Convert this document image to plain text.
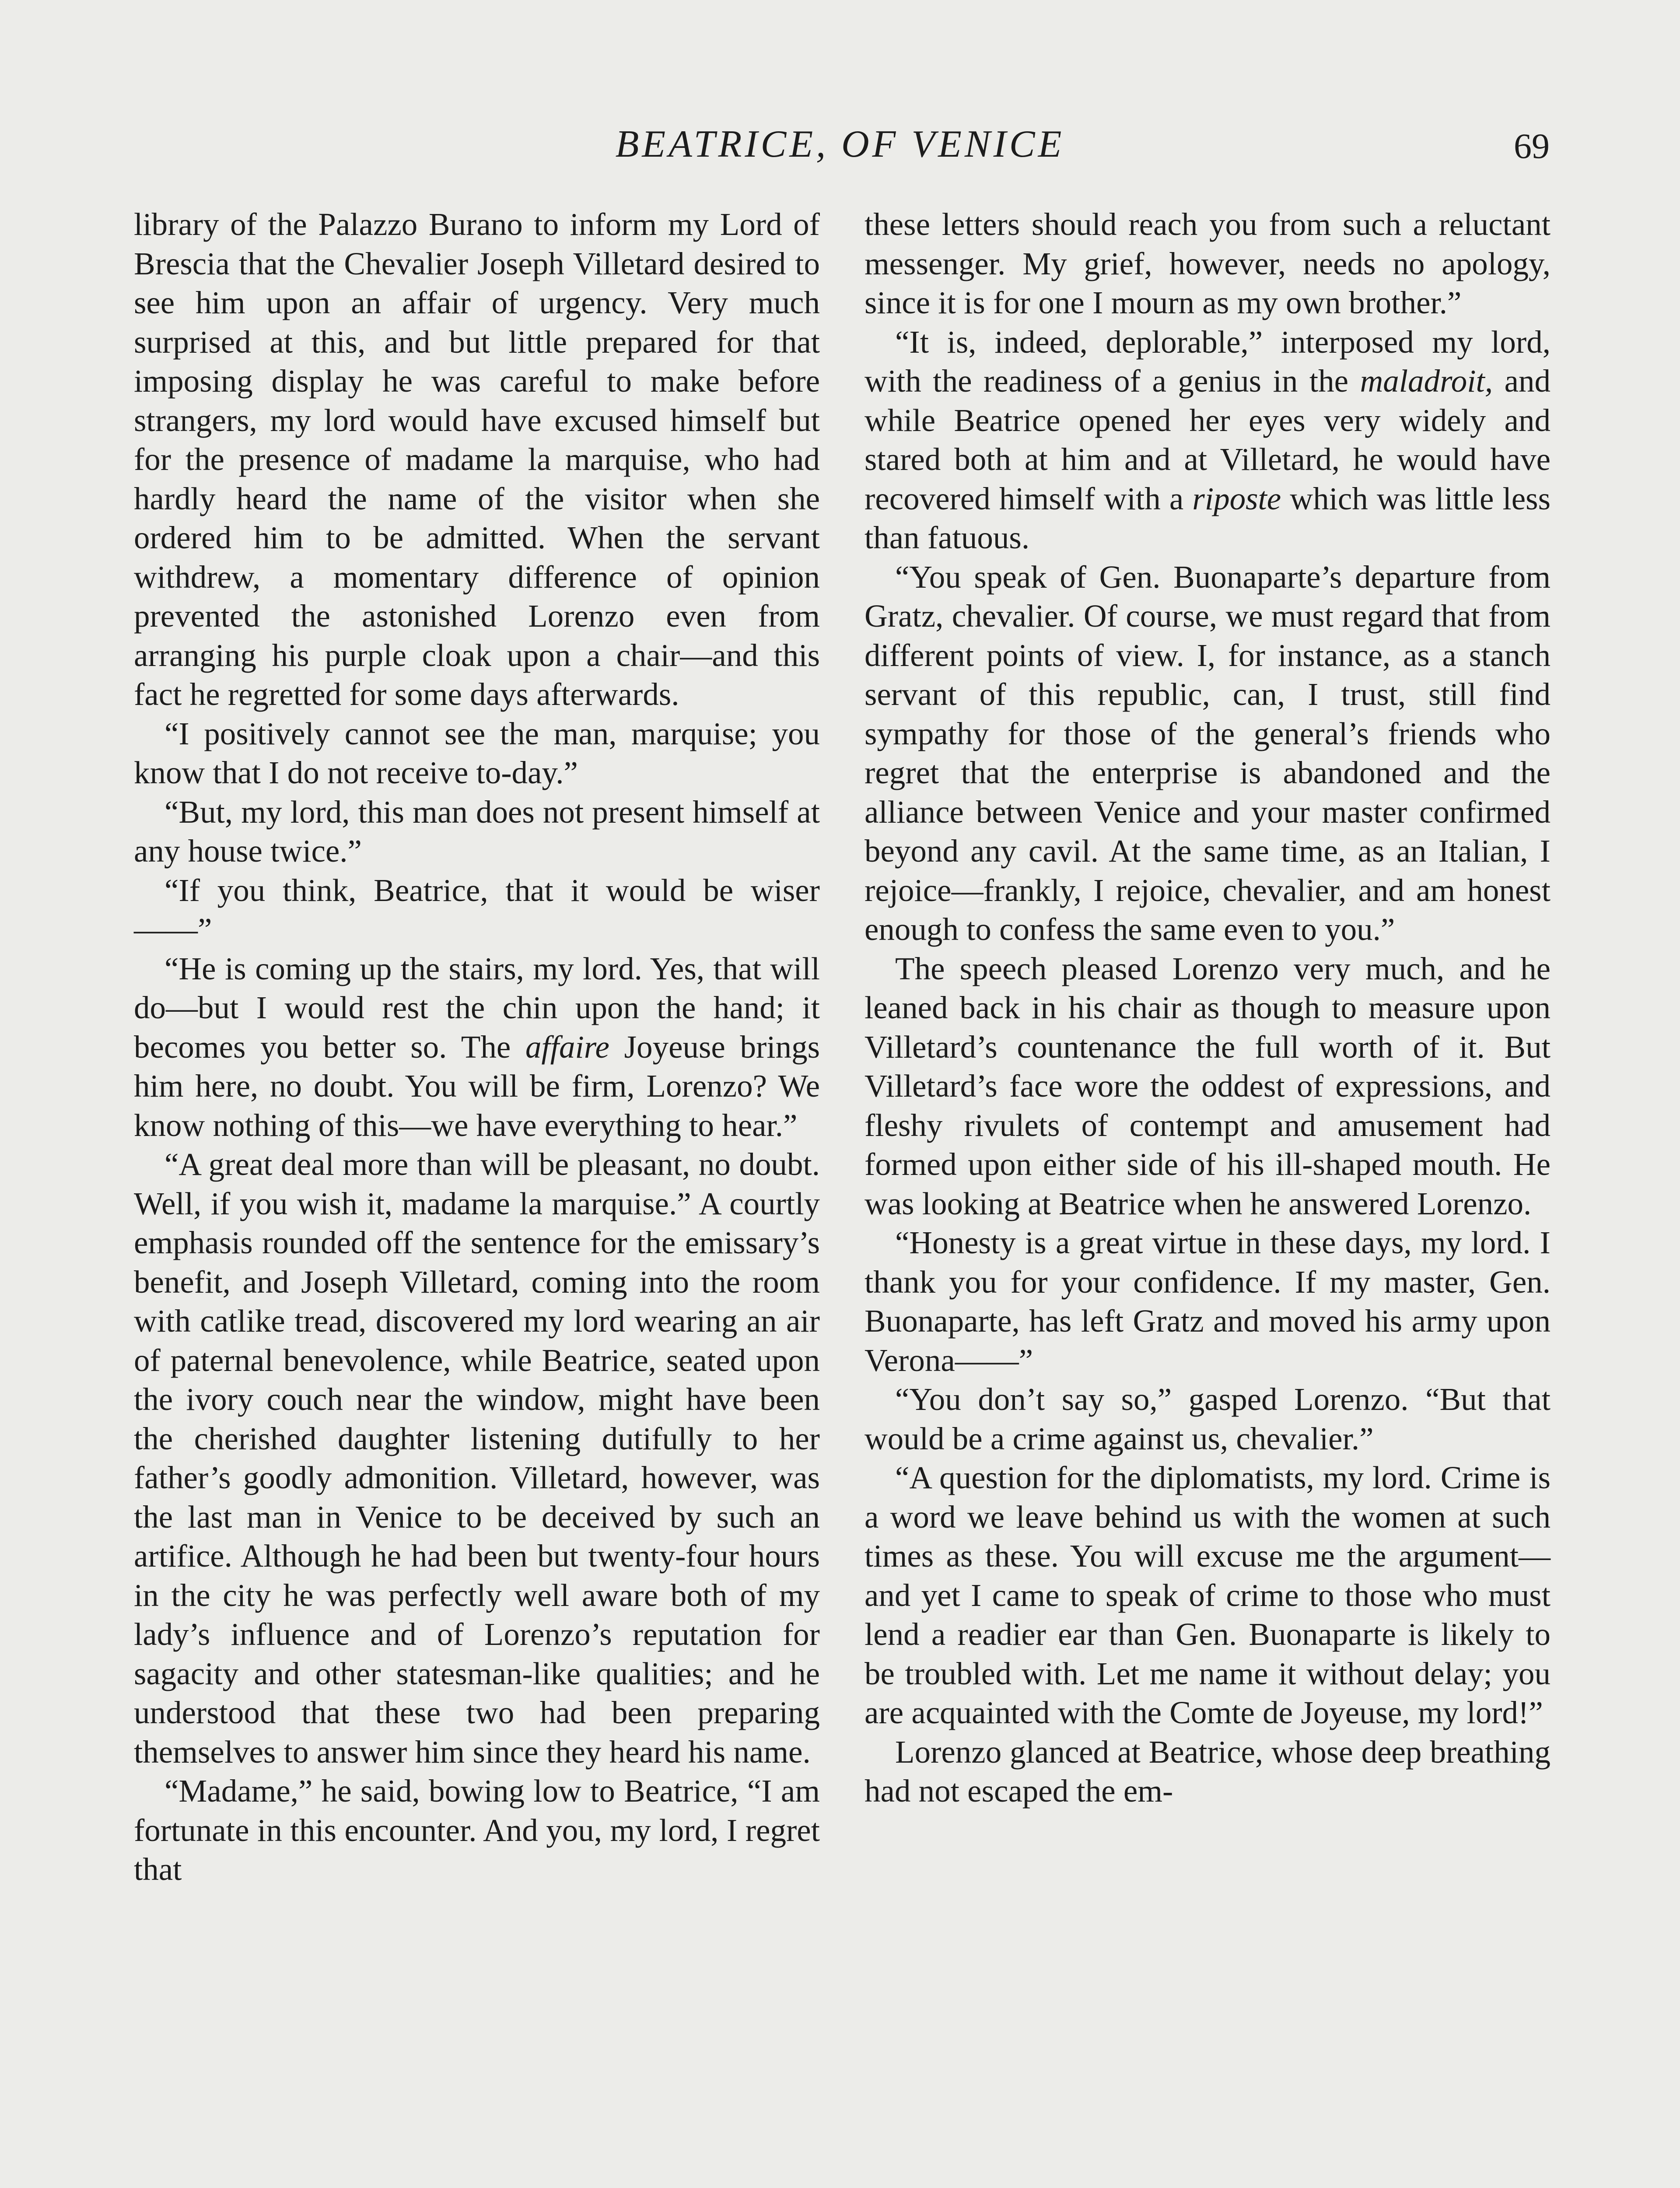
BEATRICE, OF VENICE	69

library of the Palazzo Burano to inform my Lord of Brescia that the Chevalier Joseph Villetard desired to see him upon an affair of urgency. Very much surprised at this, and but little prepared for that imposing display he was careful to make before strangers, my lord would have excused himself but for the presence of madame la marquise, who had hardly heard the name of the visitor when she ordered him to be admitted. When the servant withdrew, a momentary difference of opinion prevented the astonished Lorenzo even from arranging his purple cloak upon a chair—and this fact he regretted for some days afterwards.

“I positively cannot see the man, marquise; you know that I do not receive to-day.”

“But, my lord, this man does not present himself at any house twice.”

“If you think, Beatrice, that it would be wiser——”

“He is coming up the stairs, my lord. Yes, that will do—but I would rest the chin upon the hand; it becomes you better so. The affaire Joyeuse brings him here, no doubt. You will be firm, Lorenzo? We know nothing of this—we have everything to hear.”

“A great deal more than will be pleasant, no doubt. Well, if you wish it, madame la marquise.” A courtly emphasis rounded off the sentence for the emissary’s benefit, and Joseph Villetard, coming into the room with catlike tread, discovered my lord wearing an air of paternal benevolence, while Beatrice, seated upon the ivory couch near the window, might have been the cherished daughter listening dutifully to her father’s goodly admonition. Villetard, however, was the last man in Venice to be deceived by such an artifice. Although he had been but twenty-four hours in the city he was perfectly well aware both of my lady’s influence and of Lorenzo’s reputation for sagacity and other statesman-like qualities; and he understood that these two had been preparing themselves to answer him since they heard his name.

“Madame,” he said, bowing low to Beatrice, “I am fortunate in this encounter. And you, my lord, I regret that

these letters should reach you from such a reluctant messenger. My grief, however, needs no apology, since it is for one I mourn as my own brother.”

“It is, indeed, deplorable,” interposed my lord, with the readiness of a genius in the maladroit, and while Beatrice opened her eyes very widely and stared both at him and at Villetard, he would have recovered himself with a riposte which was little less than fatuous.

“You speak of Gen. Buonaparte’s departure from Gratz, chevalier. Of course, we must regard that from different points of view. I, for instance, as a stanch servant of this republic, can, I trust, still find sympathy for those of the general’s friends who regret that the enterprise is abandoned and the alliance between Venice and your master confirmed beyond any cavil. At the same time, as an Italian, I rejoice—frankly, I rejoice, chevalier, and am honest enough to confess the same even to you.”

The speech pleased Lorenzo very much, and he leaned back in his chair as though to measure upon Villetard’s countenance the full worth of it. But Villetard’s face wore the oddest of expressions, and fleshy rivulets of contempt and amusement had formed upon either side of his ill-shaped mouth. He was looking at Beatrice when he answered Lorenzo.

“Honesty is a great virtue in these days, my lord. I thank you for your confidence. If my master, Gen. Buonaparte, has left Gratz and moved his army upon Verona——”

“You don’t say so,” gasped Lorenzo. “But that would be a crime against us, chevalier.”

“A question for the diplomatists, my lord. Crime is a word we leave behind us with the women at such times as these. You will excuse me the argument—and yet I came to speak of crime to those who must lend a readier ear than Gen. Buonaparte is likely to be troubled with. Let me name it without delay; you are acquainted with the Comte de Joyeuse, my lord!”

Lorenzo glanced at Beatrice, whose deep breathing had not escaped the em-
